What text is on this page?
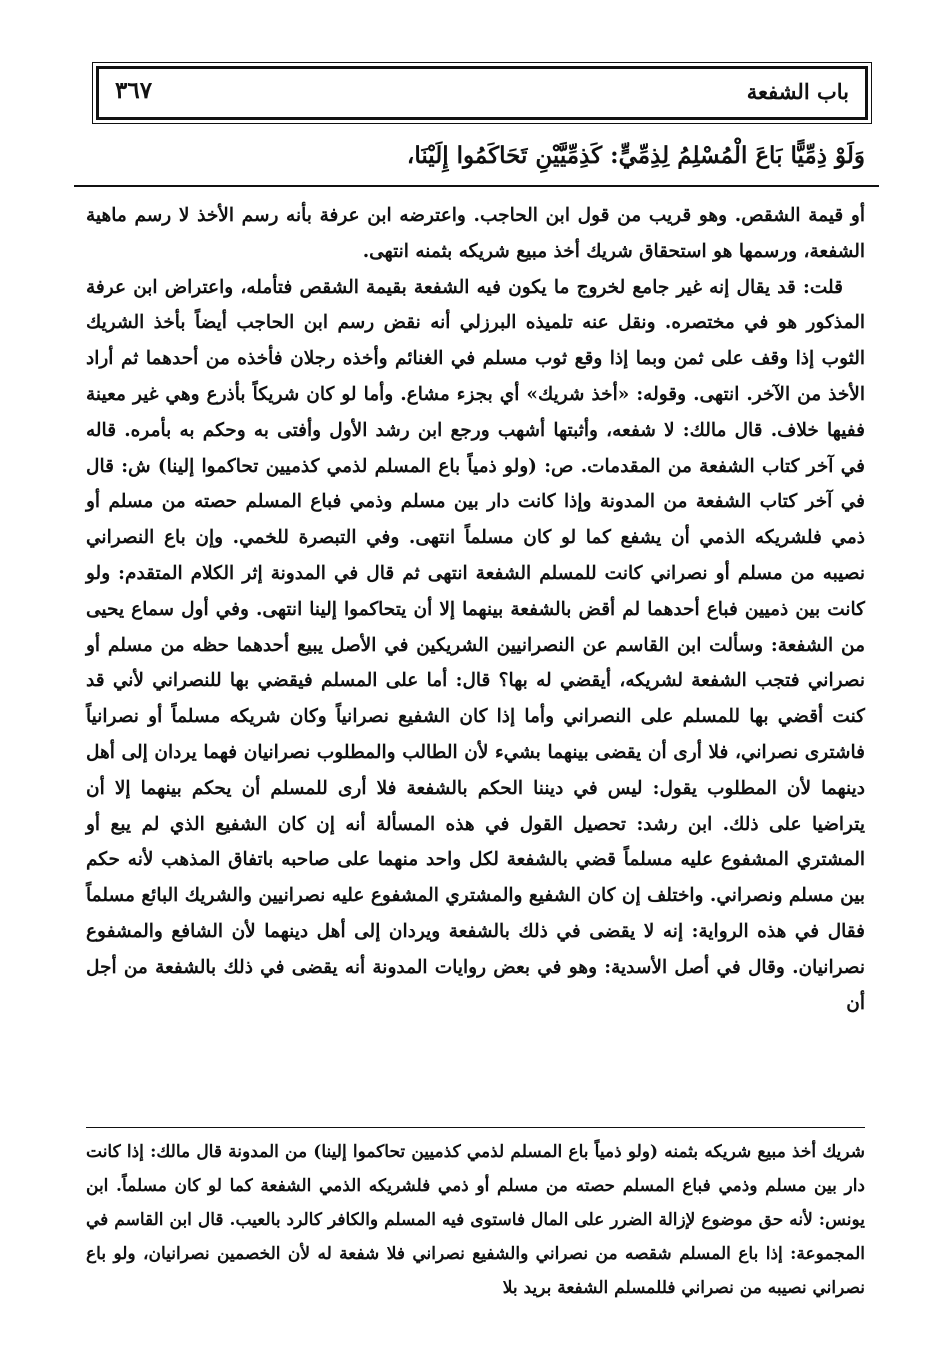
باب الشفعة
٣٦٧
وَلَوْ ذِمِّيًّا بَاعَ الْمُسْلِمُ لِذِمِّيٍّ: كَذِمِّيَّيْنِ تَحَاكَمُوا إِلَيْنَا،

أو قيمة الشقص. وهو قريب من قول ابن الحاجب. واعترضه ابن عرفة بأنه رسم الأخذ لا رسم ماهية الشفعة، ورسمها هو استحقاق شريك أخذ مبيع شريكه بثمنه انتهى.

قلت: قد يقال إنه غير جامع لخروج ما يكون فيه الشفعة بقيمة الشقص فتأمله، واعتراض ابن عرفة المذكور هو في مختصره. ونقل عنه تلميذه البرزلي أنه نقض رسم ابن الحاجب أيضاً بأخذ الشريك الثوب إذا وقف على ثمن وبما إذا وقع ثوب مسلم في الغنائم وأخذه رجلان فأخذه من أحدهما ثم أراد الأخذ من الآخر. انتهى. وقوله: «أخذ شريك» أي بجزء مشاع. وأما لو كان شريكاً بأذرع وهي غير معينة ففيها خلاف. قال مالك: لا شفعه، وأثبتها أشهب ورجع ابن رشد الأول وأفتى به وحكم به بأمره. قاله في آخر كتاب الشفعة من المقدمات. ص: (ولو ذمياً باع المسلم لذمي كذميين تحاكموا إلينا) ش: قال في آخر كتاب الشفعة من المدونة وإذا كانت دار بين مسلم وذمي فباع المسلم حصته من مسلم أو ذمي فلشريكه الذمي أن يشفع كما لو كان مسلماً انتهى. وفي التبصرة للخمي. وإن باع النصراني نصيبه من مسلم أو نصراني كانت للمسلم الشفعة انتهى ثم قال في المدونة إثر الكلام المتقدم: ولو كانت بين ذميين فباع أحدهما لم أقض بالشفعة بينهما إلا أن يتحاكموا إلينا انتهى. وفي أول سماع يحيى من الشفعة: وسألت ابن القاسم عن النصرانيين الشريكين في الأصل يبيع أحدهما حظه من مسلم أو نصراني فتجب الشفعة لشريكه، أيقضي له بها؟ قال: أما على المسلم فيقضي بها للنصراني لأني قد كنت أقضي بها للمسلم على النصراني وأما إذا كان الشفيع نصرانياً وكان شريكه مسلماً أو نصرانياً فاشترى نصراني، فلا أرى أن يقضى بينهما بشيء لأن الطالب والمطلوب نصرانيان فهما يردان إلى أهل دينهما لأن المطلوب يقول: ليس في ديننا الحكم بالشفعة فلا أرى للمسلم أن يحكم بينهما إلا أن يتراضيا على ذلك. ابن رشد: تحصيل القول في هذه المسألة أنه إن كان الشفيع الذي لم يبع أو المشتري المشفوع عليه مسلماً قضي بالشفعة لكل واحد منهما على صاحبه باتفاق المذهب لأنه حكم بين مسلم ونصراني. واختلف إن كان الشفيع والمشتري المشفوع عليه نصرانيين والشريك البائع مسلماً فقال في هذه الرواية: إنه لا يقضى في ذلك بالشفعة ويردان إلى أهل دينهما لأن الشافع والمشفوع نصرانيان. وقال في أصل الأسدية: وهو في بعض روايات المدونة أنه يقضى في ذلك بالشفعة من أجل أن

شريك أخذ مبيع شريكه بثمنه (ولو ذمياً باع المسلم لذمي كذميين تحاكموا إلينا) من المدونة قال مالك: إذا كانت دار بين مسلم وذمي فباع المسلم حصته من مسلم أو ذمي فلشريكه الذمي الشفعة كما لو كان مسلماً. ابن يونس: لأنه حق موضوع لإزالة الضرر على المال فاستوى فيه المسلم والكافر كالرد بالعيب. قال ابن القاسم في المجموعة: إذا باع المسلم شقصه من نصراني والشفيع نصراني فلا شفعة له لأن الخصمين نصرانيان، ولو باع نصراني نصيبه من نصراني فللمسلم الشفعة بريد بلا
